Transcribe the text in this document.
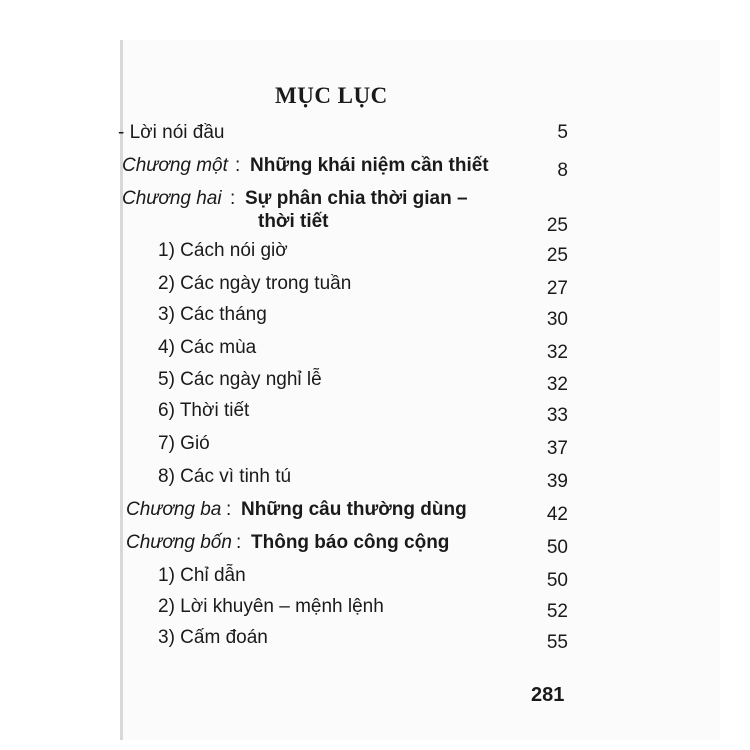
MỤC LỤC
- Lời nói đầu	5
Chương một : Những khái niệm cần thiết	8
Chương hai : Sự phân chia thời gian –
thời tiết	25
1) Cách nói giờ	25
2) Các ngày trong tuần	27
3) Các tháng	30
4) Các mùa	32
5) Các ngày nghỉ lễ	32
6) Thời tiết	33
7) Gió	37
8) Các vì tinh tú	39
Chương ba : Những câu thường dùng	42
Chương bốn : Thông báo công cộng	50
1) Chỉ dẫn	50
2) Lời khuyên – mệnh lệnh	52
3) Cấm đoán	55
281
